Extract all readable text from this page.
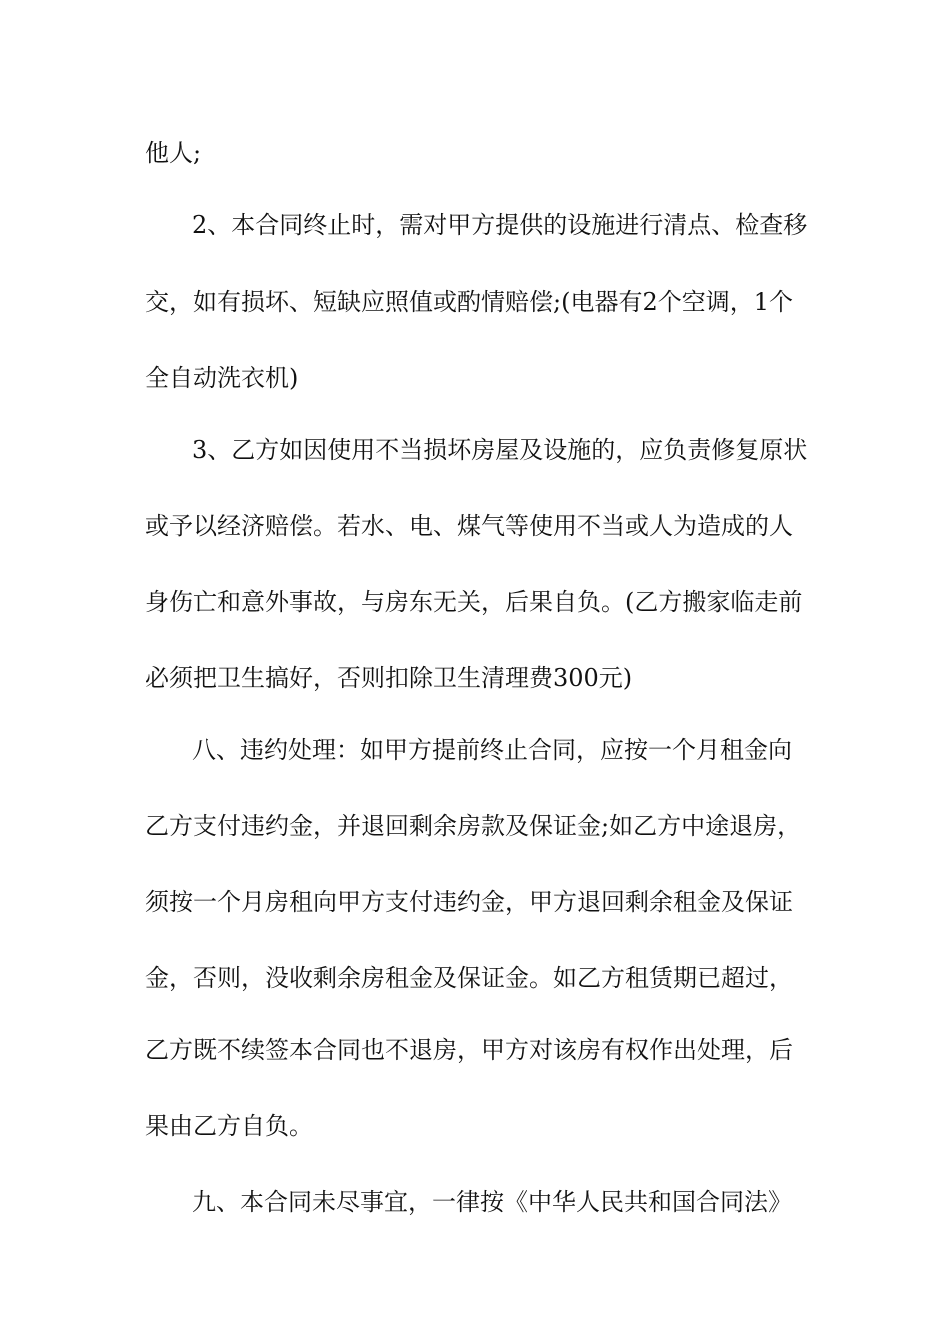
他人;
2、本合同终止时，需对甲方提供的设施进行清点、检查移
交，如有损坏、短缺应照值或酌情赔偿;(电器有2个空调，1个
全自动洗衣机)
3、乙方如因使用不当损坏房屋及设施的，应负责修复原状
或予以经济赔偿。若水、电、煤气等使用不当或人为造成的人
身伤亡和意外事故，与房东无关，后果自负。(乙方搬家临走前
必须把卫生搞好，否则扣除卫生清理费300元)
八、违约处理：如甲方提前终止合同，应按一个月租金向
乙方支付违约金，并退回剩余房款及保证金;如乙方中途退房，
须按一个月房租向甲方支付违约金，甲方退回剩余租金及保证
金，否则，没收剩余房租金及保证金。如乙方租赁期已超过，
乙方既不续签本合同也不退房，甲方对该房有权作出处理，后
果由乙方自负。
九、本合同未尽事宜，一律按《中华人民共和国合同法》
